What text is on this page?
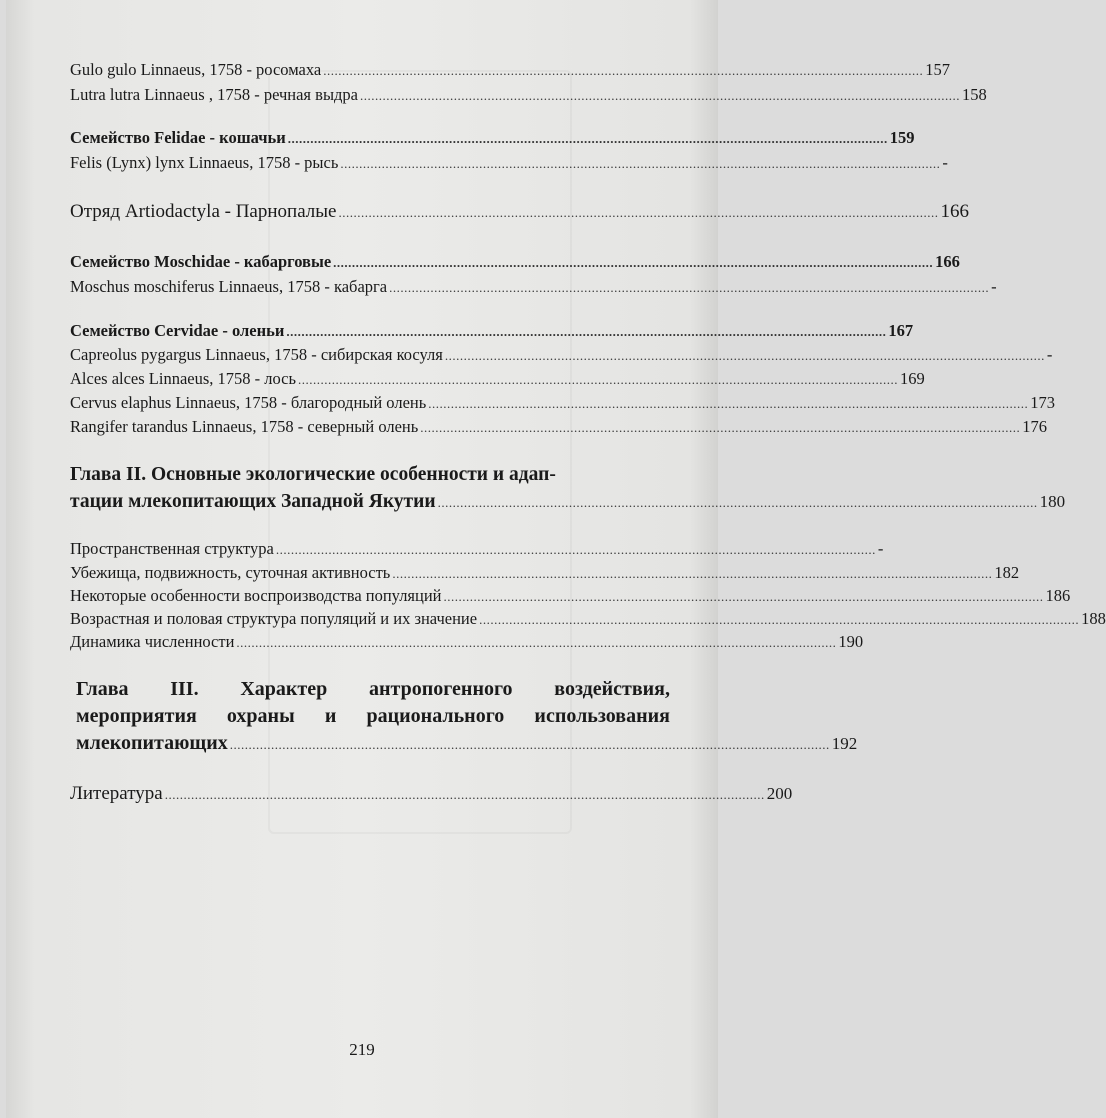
Gulo gulo Linnaeus, 1758 - росомаха ................................................................................................................................................................ 157
Lutra lutra Linnaeus , 1758 - речная выдра ................................................................................................................................................................ 158
Семейство Felidae - кошачьи ................................................................................................................................................................ 159
Felis (Lynx) lynx Linnaeus, 1758 - рысь ................................................................................................................................................................ -
Отряд Artiodactyla - Парнопалые ................................................................................................................................................................ 166
Семейство Moschidae - кабарговые ................................................................................................................................................................ 166
Moschus moschiferus Linnaeus, 1758 - кабарга ................................................................................................................................................................ -
Семейство Cervidae - оленьи ................................................................................................................................................................ 167
Capreolus pygargus Linnaeus, 1758 - сибирская косуля ................................................................................................................................................................ -
Alces alces Linnaeus, 1758 - лось ................................................................................................................................................................ 169
Cervus elaphus Linnaeus, 1758 - благородный олень ................................................................................................................................................................ 173
Rangifer tarandus Linnaeus, 1758 - северный олень ................................................................................................................................................................ 176
Глава II. Основные экологические особенности и адап-
тации млекопитающих Западной Якутии ................................................................................................................................................................ 180
Пространственная структура ................................................................................................................................................................ -
Убежища, подвижность, суточная активность ................................................................................................................................................................ 182
Некоторые особенности воспроизводства популяций ................................................................................................................................................................ 186
Возрастная и половая структура популяций и их значение ................................................................................................................................................................ 188
Динамика численности ................................................................................................................................................................ 190
Глава III. Характер антропогенного воздействия,
мероприятия охраны и рационального использования
млекопитающих ................................................................................................................................................................ 192
Литература ................................................................................................................................................................ 200
219
